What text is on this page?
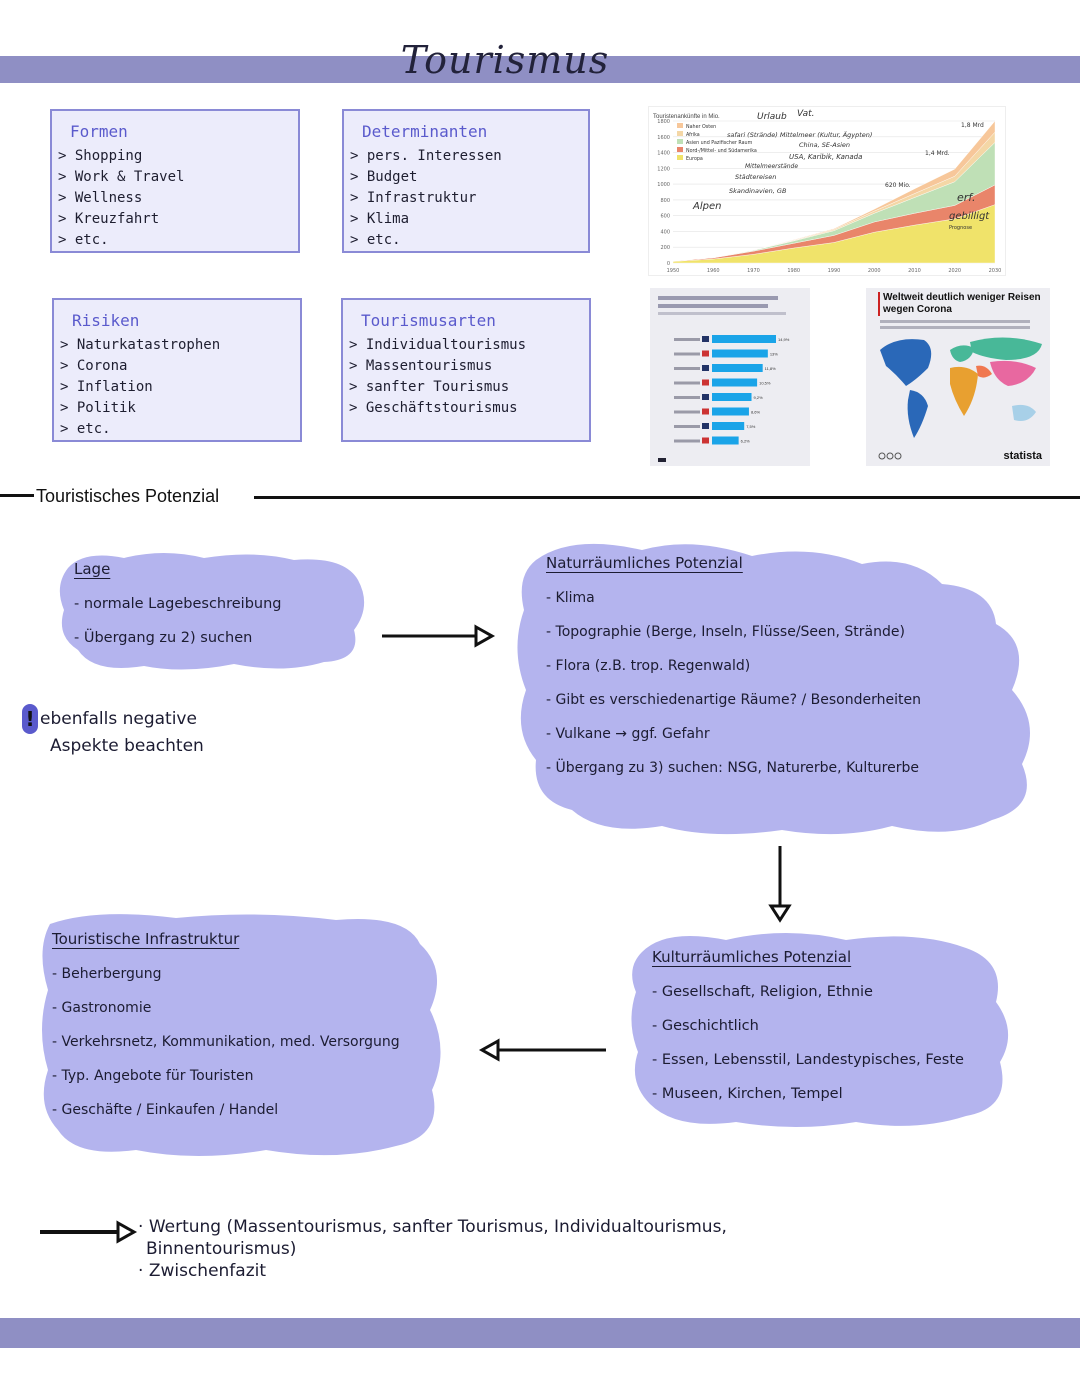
Tourismus
Formen
> Shopping
> Work & Travel
> Wellness
> Kreuzfahrt
> etc.
Determinanten
> pers. Interessen
> Budget
> Infrastruktur
> Klima
> etc.
Risiken
> Naturkatastrophen
> Corona
> Inflation
> Politik
> etc.
Tourismusarten
> Individualtourismus
> Massentourismus
> sanfter Tourismus
> Geschäftstourismus
Touristenankünfte in Mio.
0
200
400
600
800
1000
1200
1400
1600
1800
1950	1960	1970	1980	1990	2000	2010	2020	2030
Naher Osten
Afrika
Asien und Pazifischer Raum
Nord-/Mittel- und Südamerika
Europa
Urlaub Vat.
safari (Strände) Mittelmeer (Kultur, Ägypten)
China, SE-Asien
USA, Karibik, Kanada
Mittelmeerstände
Städtereisen
Skandinavien, GB
Alpen
1,8 Mrd
1,4 Mrd.
620 Mio.
erf.
gebilligt
Prognose
14,9%
13%
11,8%
10,5%
9,2%
8,6%
7,5%
6,2%
Weltweit deutlich weniger Reisen wegen Corona
statista
Touristisches Potenzial
Lage
- normale Lagebeschreibung
- Übergang zu 2) suchen
! ebenfalls negative
Aspekte beachten
Naturräumliches Potenzial
- Klima
- Topographie (Berge, Inseln, Flüsse/Seen, Strände)
- Flora (z.B. trop. Regenwald)
- Gibt es verschiedenartige Räume? / Besonderheiten
- Vulkane → ggf. Gefahr
- Übergang zu 3) suchen: NSG, Naturerbe, Kulturerbe
Kulturräumliches Potenzial
- Gesellschaft, Religion, Ethnie
- Geschichtlich
- Essen, Lebensstil, Landestypisches, Feste
- Museen, Kirchen, Tempel
Touristische Infrastruktur
- Beherbergung
- Gastronomie
- Verkehrsnetz, Kommunikation, med. Versorgung
- Typ. Angebote für Touristen
- Geschäfte / Einkaufen / Handel
· Wertung (Massentourismus, sanfter Tourismus, Individualtourismus,
Binnentourismus)
· Zwischenfazit
